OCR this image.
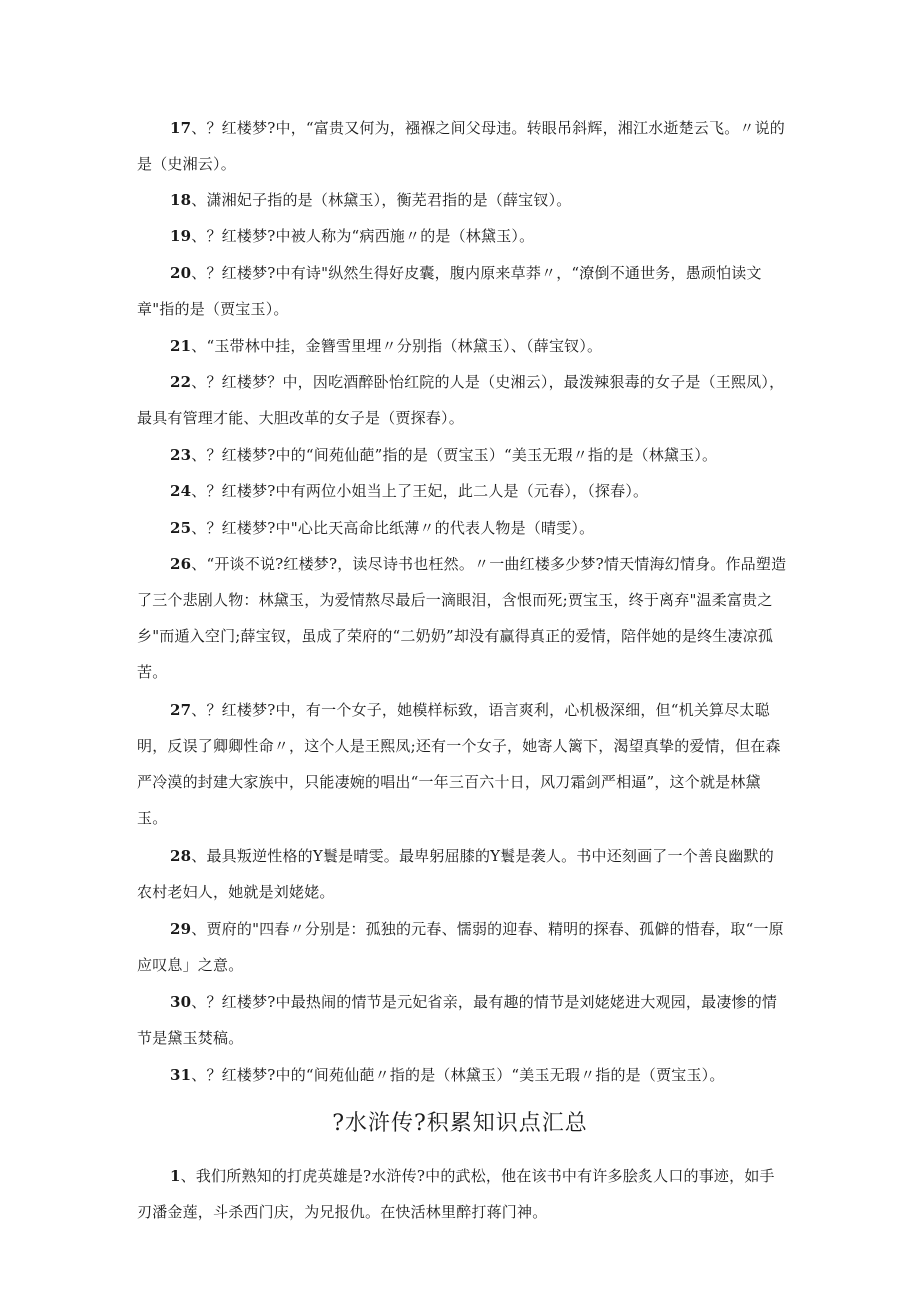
17、？红楼梦?中，“富贵又何为，襁褓之间父母违。转眼吊斜辉，湘江水逝楚云飞。〃说的是（史湘云）。

18、潇湘妃子指的是（林黛玉），衡芜君指的是（薛宝钗）。

19、？红楼梦?中被人称为“病西施〃的是（林黛玉）。

20、？红楼梦?中有诗"纵然生得好皮囊，腹内原来草莽〃，“潦倒不通世务，愚顽怕读文章"指的是（贾宝玉）。

21、“玉带林中挂，金簪雪里埋〃分别指（林黛玉）、（薛宝钗）。

22、？红楼梦？中，因吃酒醉卧怡红院的人是（史湘云），最泼辣狠毒的女子是（王熙凤），最具有管理才能、大胆改革的女子是（贾探春）。

23、？红楼梦?中的“间苑仙葩”指的是（贾宝玉）“美玉无瑕〃指的是（林黛玉）。

24、？红楼梦?中有两位小姐当上了王妃，此二人是（元春），（探春）。

25、？红楼梦?中"心比天高命比纸薄〃的代表人物是（晴雯）。

26、“开谈不说?红楼梦?，读尽诗书也枉然。〃一曲红楼多少梦?情天情海幻情身。作品塑造了三个悲剧人物：林黛玉，为爱情熬尽最后一滴眼泪，含恨而死;贾宝玉，终于离弃"温柔富贵之乡"而遁入空门;薛宝钗，虽成了荣府的“二奶奶”却没有赢得真正的爱情，陪伴她的是终生凄凉孤苦。

27、？红楼梦?中，有一个女子，她模样标致，语言爽利，心机极深细，但“机关算尽太聪明，反误了卿卿性命〃，这个人是王熙凤;还有一个女子，她寄人篱下，渴望真挚的爱情，但在森严冷漠的封建大家族中，只能凄婉的唱出“一年三百六十日，风刀霜剑严相逼”，这个就是林黛玉。

28、最具叛逆性格的Y鬟是晴雯。最卑躬屈膝的Y鬟是袭人。书中还刻画了一个善良幽默的农村老妇人，她就是刘姥姥。

29、贾府的"四春〃分别是：孤独的元春、懦弱的迎春、精明的探春、孤僻的惜春，取“一原应叹息」之意。

30、？红楼梦?中最热闹的情节是元妃省亲，最有趣的情节是刘姥姥进大观园，最凄惨的情节是黛玉焚稿。

31、？红楼梦?中的“间苑仙葩〃指的是（林黛玉）“美玉无瑕〃指的是（贾宝玉）。

?水浒传?积累知识点汇总

1、我们所熟知的打虎英雄是?水浒传?中的武松，他在该书中有许多脍炙人口的事迹，如手刃潘金莲，斗杀西门庆，为兄报仇。在快活林里醉打蒋门神。
